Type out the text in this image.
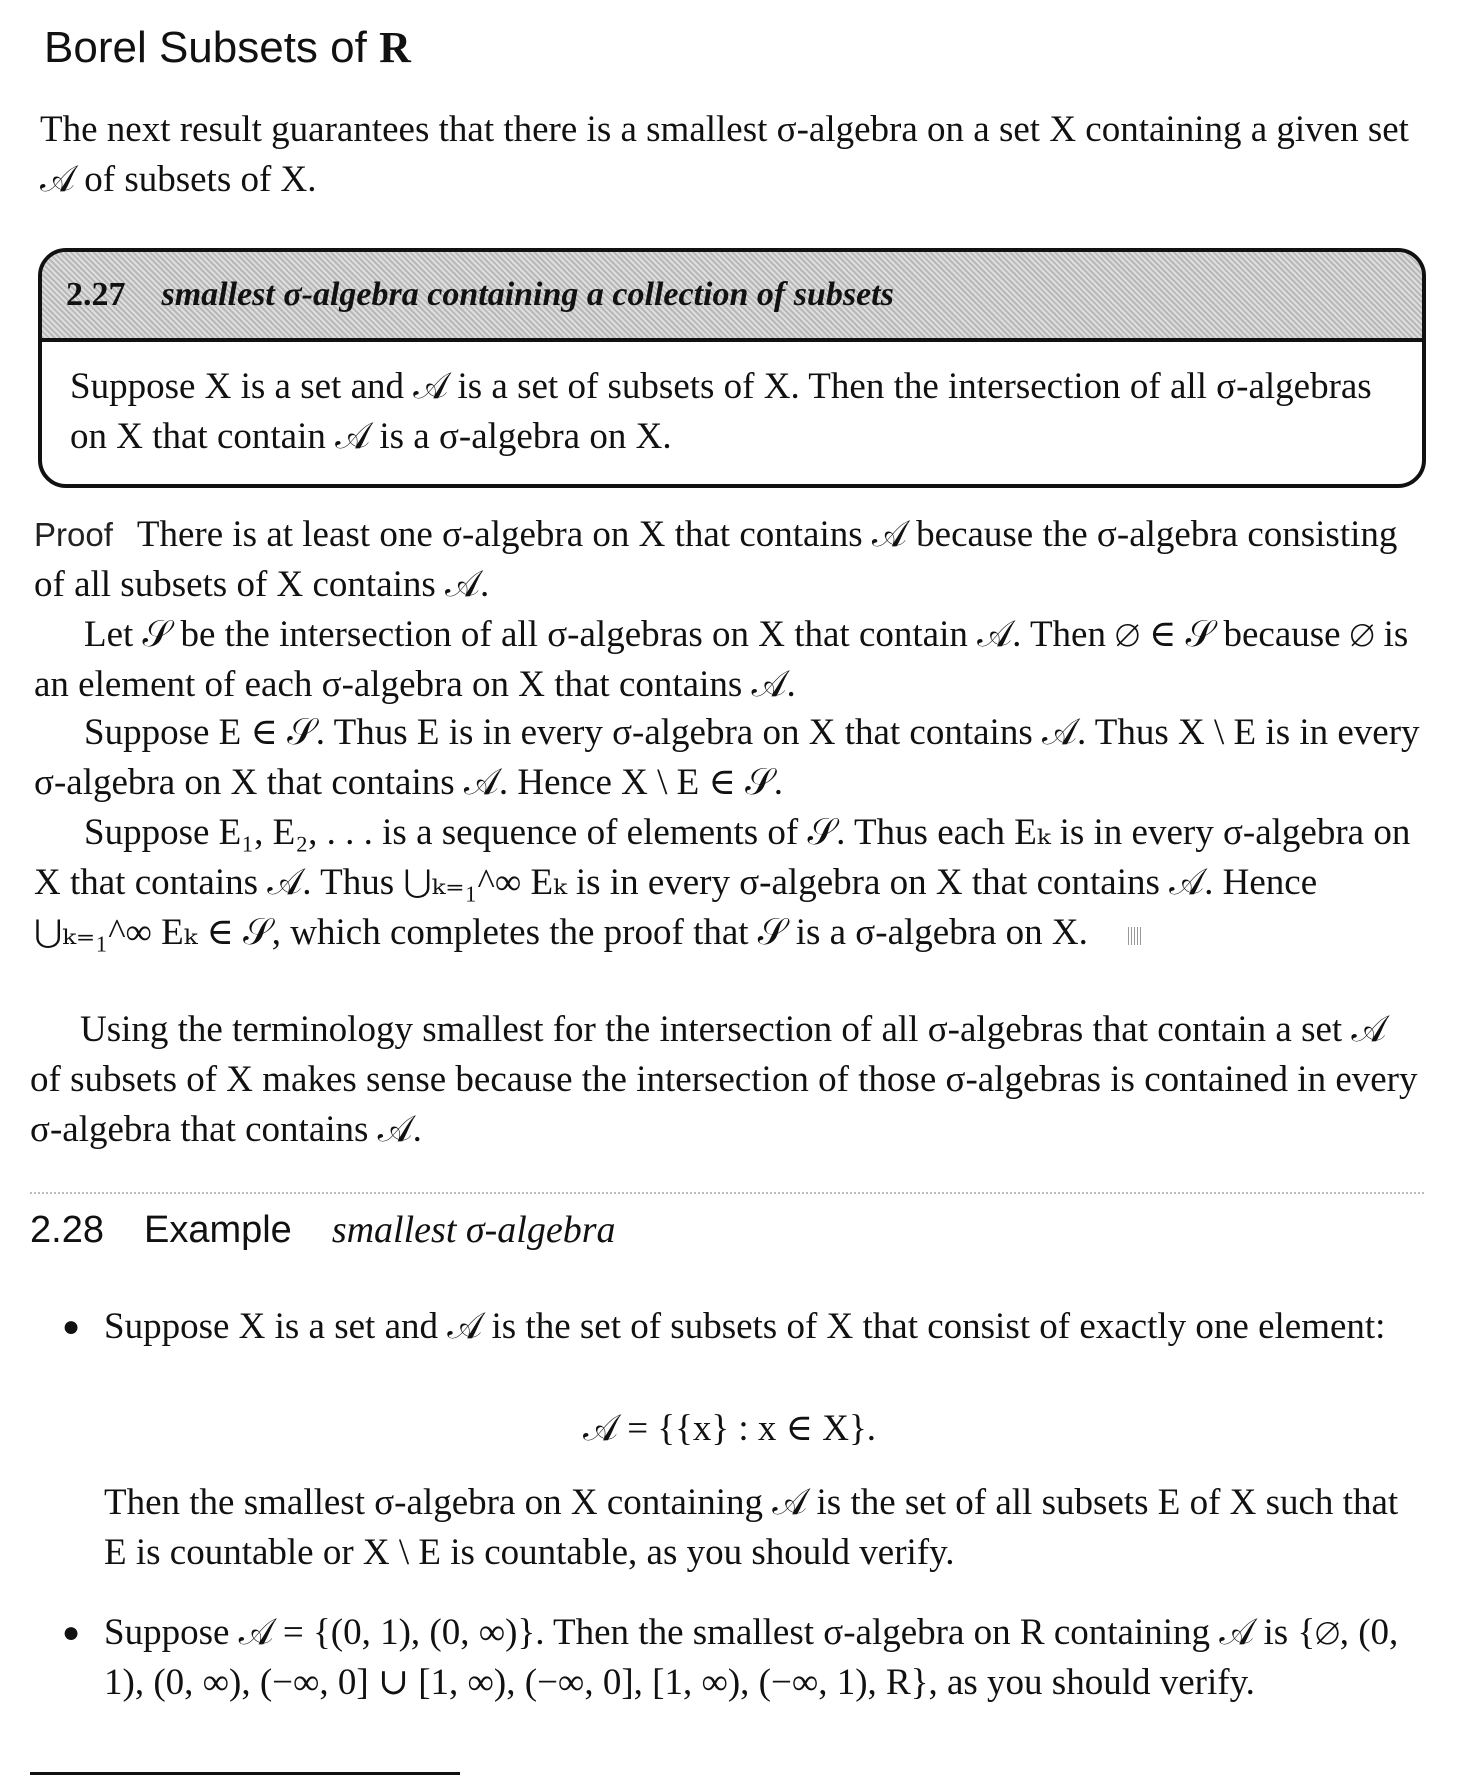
Borel Subsets of R

The next result guarantees that there is a smallest σ-algebra on a set X containing a given set 𝒜 of subsets of X.

2.27 smallest σ-algebra containing a collection of subsets
Suppose X is a set and 𝒜 is a set of subsets of X. Then the intersection of all σ-algebras on X that contain 𝒜 is a σ-algebra on X.

Proof There is at least one σ-algebra on X that contains 𝒜 because the σ-algebra consisting of all subsets of X contains 𝒜.

Let 𝒮 be the intersection of all σ-algebras on X that contain 𝒜. Then ∅ ∈ 𝒮 because ∅ is an element of each σ-algebra on X that contains 𝒜.

Suppose E ∈ 𝒮. Thus E is in every σ-algebra on X that contains 𝒜. Thus X \ E is in every σ-algebra on X that contains 𝒜. Hence X \ E ∈ 𝒮.

Suppose E₁, E₂, . . . is a sequence of elements of 𝒮. Thus each Eₖ is in every σ-algebra on X that contains 𝒜. Thus ⋃ₖ₌₁^∞ Eₖ is in every σ-algebra on X that contains 𝒜. Hence ⋃ₖ₌₁^∞ Eₖ ∈ 𝒮, which completes the proof that 𝒮 is a σ-algebra on X.

Using the terminology smallest for the intersection of all σ-algebras that contain a set 𝒜 of subsets of X makes sense because the intersection of those σ-algebras is contained in every σ-algebra that contains 𝒜.

2.28 Example smallest σ-algebra

● Suppose X is a set and 𝒜 is the set of subsets of X that consist of exactly one element:

𝒜 = {{x} : x ∈ X}.

Then the smallest σ-algebra on X containing 𝒜 is the set of all subsets E of X such that E is countable or X \ E is countable, as you should verify.

● Suppose 𝒜 = {(0, 1), (0, ∞)}. Then the smallest σ-algebra on R containing 𝒜 is {∅, (0, 1), (0, ∞), (−∞, 0] ∪ [1, ∞), (−∞, 0], [1, ∞), (−∞, 1), R}, as you should verify.
